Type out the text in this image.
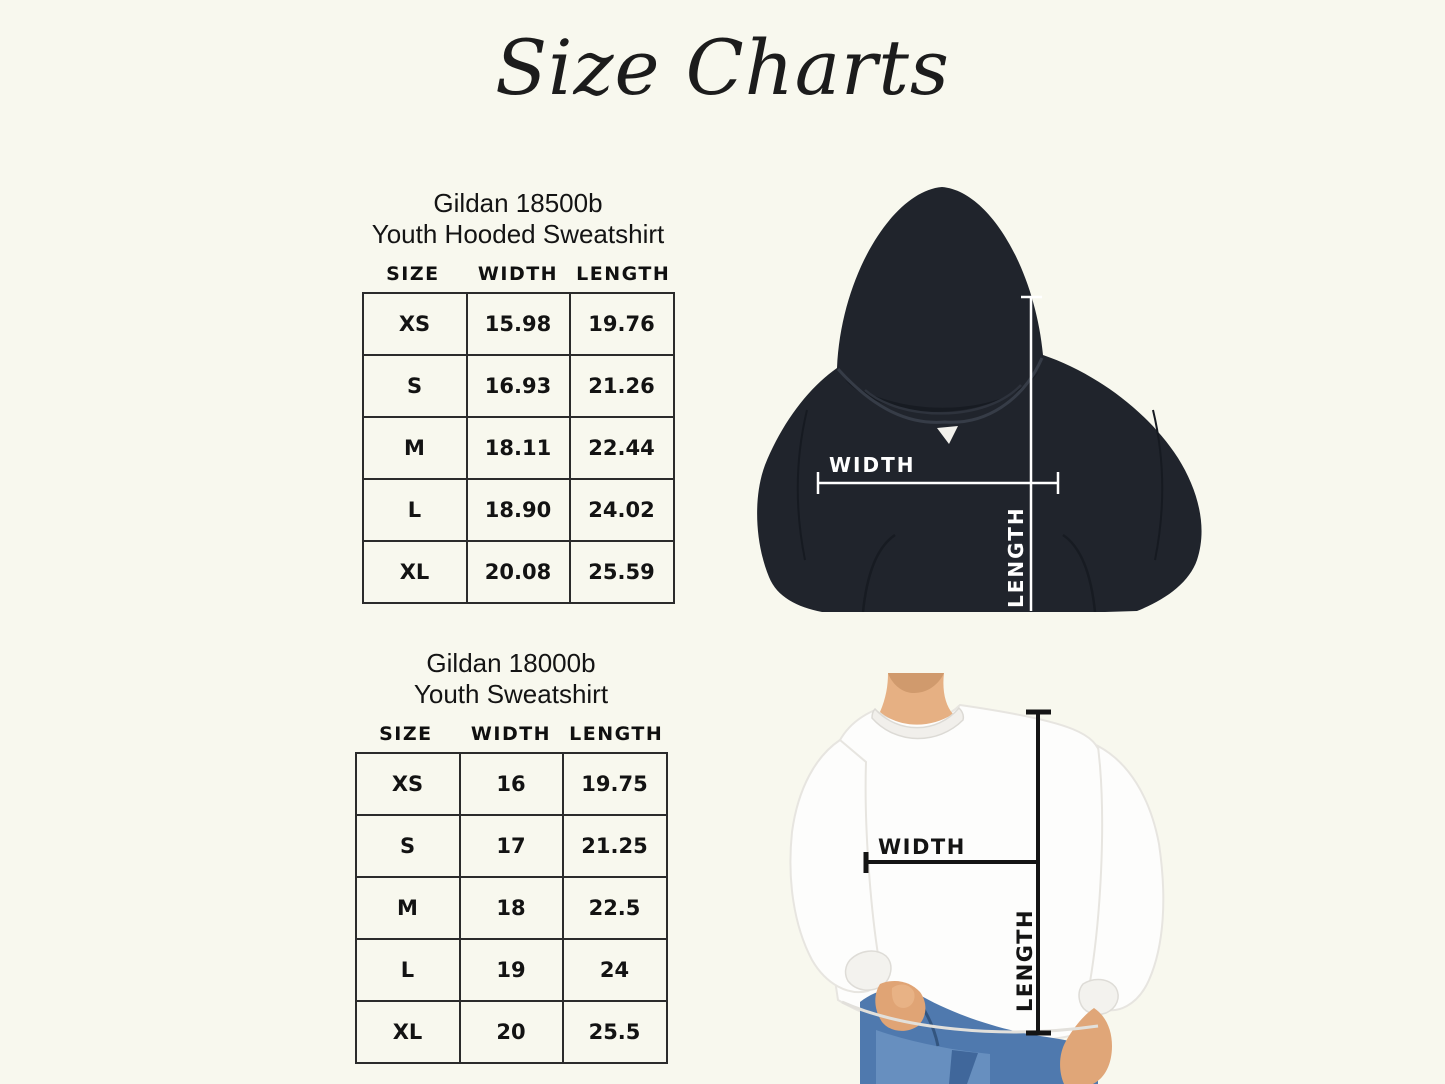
Size Charts
Gildan 18500b
Youth Hooded Sweatshirt
SIZE	WIDTH LENGTH
XS	15.98	19.76
S	16.93	21.26
M	18.11	22.44
L	18.90	24.02
XL	20.08	25.59
Gildan 18000b
Youth Sweatshirt
SIZE	WIDTH LENGTH
XS	16	19.75
S	17	21.25
M	18	22.5
L	19	24
XL	20	25.5
WIDTH
LENGTH
WIDTH
LENGTH
